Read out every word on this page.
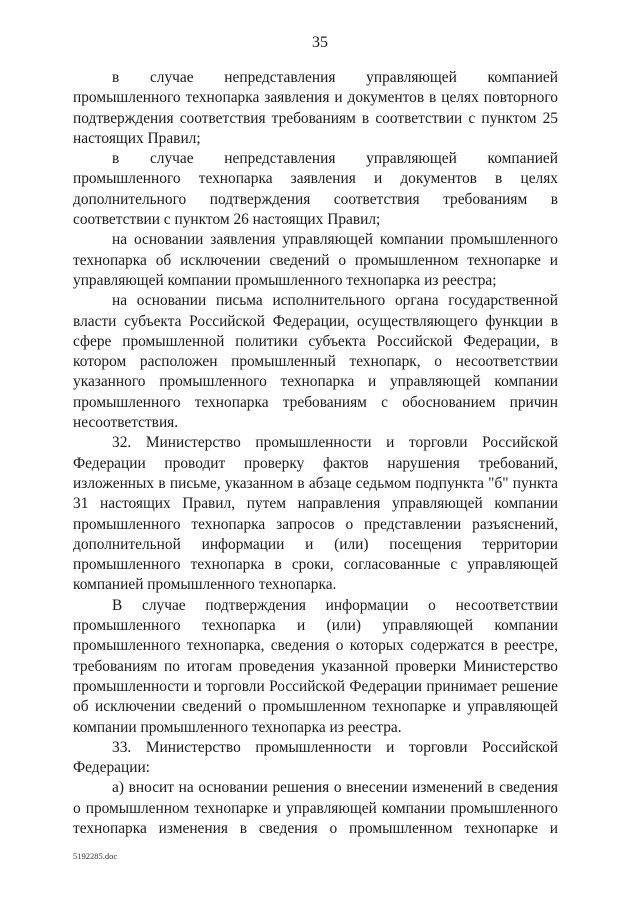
35

в случае непредставления управляющей компанией промышленного технопарка заявления и документов в целях повторного подтверждения соответствия требованиям в соответствии с пунктом 25 настоящих Правил;

в случае непредставления управляющей компанией промышленного технопарка заявления и документов в целях дополнительного подтверждения соответствия требованиям в соответствии с пунктом 26 настоящих Правил;

на основании заявления управляющей компании промышленного технопарка об исключении сведений о промышленном технопарке и управляющей компании промышленного технопарка из реестра;

на основании письма исполнительного органа государственной власти субъекта Российской Федерации, осуществляющего функции в сфере промышленной политики субъекта Российской Федерации, в котором расположен промышленный технопарк, о несоответствии указанного промышленного технопарка и управляющей компании промышленного технопарка требованиям с обоснованием причин несоответствия.

32. Министерство промышленности и торговли Российской Федерации проводит проверку фактов нарушения требований, изложенных в письме, указанном в абзаце седьмом подпункта "б" пункта 31 настоящих Правил, путем направления управляющей компании промышленного технопарка запросов о представлении разъяснений, дополнительной информации и (или) посещения территории промышленного технопарка в сроки, согласованные с управляющей компанией промышленного технопарка.

В случае подтверждения информации о несоответствии промышленного технопарка и (или) управляющей компании промышленного технопарка, сведения о которых содержатся в реестре, требованиям по итогам проведения указанной проверки Министерство промышленности и торговли Российской Федерации принимает решение об исключении сведений о промышленном технопарке и управляющей компании промышленного технопарка из реестра.

33. Министерство промышленности и торговли Российской Федерации:

а) вносит на основании решения о внесении изменений в сведения о промышленном технопарке и управляющей компании промышленного технопарка изменения в сведения о промышленном технопарке и

5192285.doc
